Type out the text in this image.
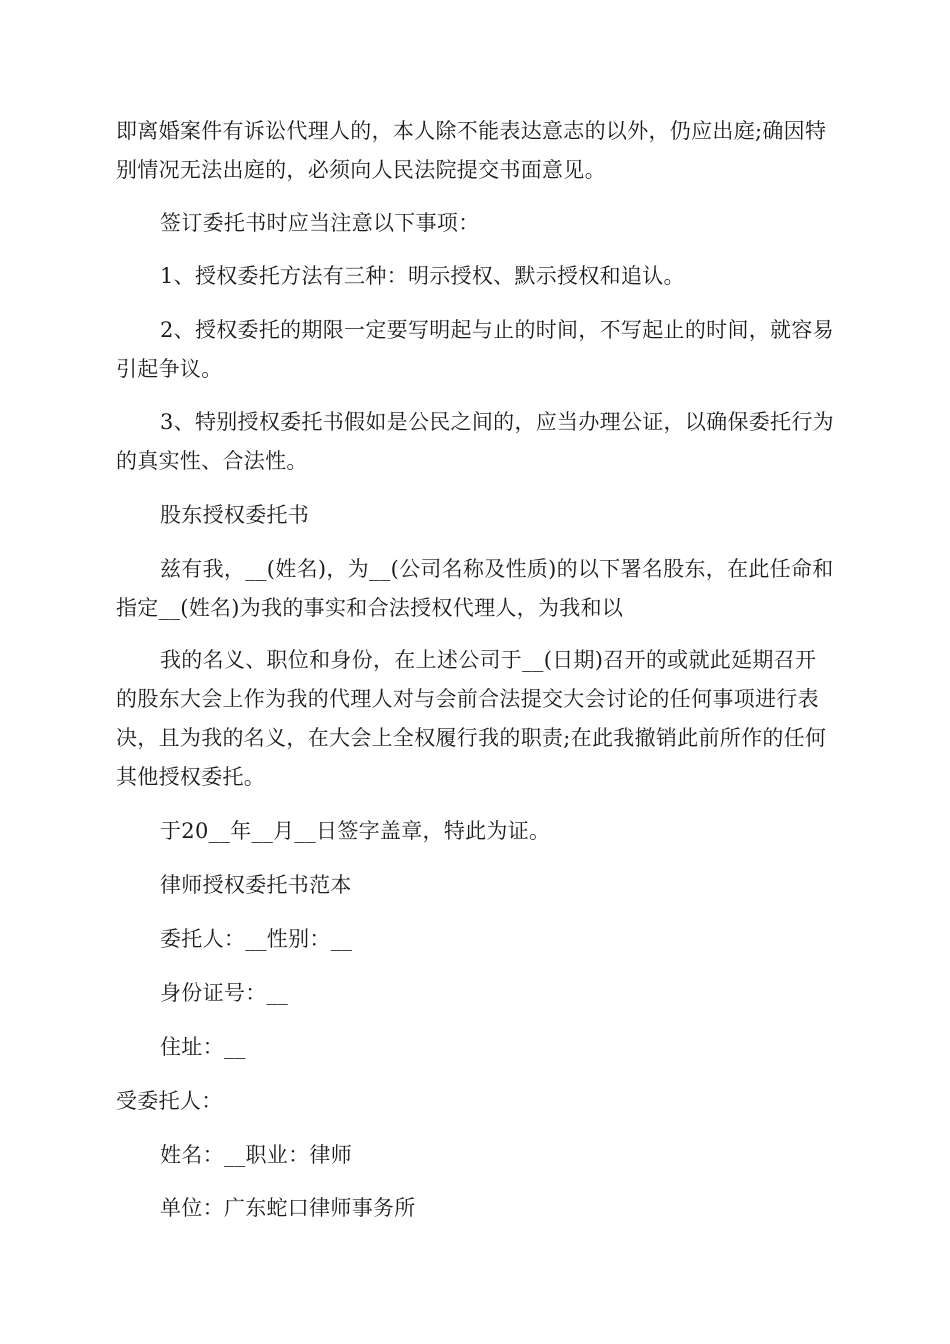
即离婚案件有诉讼代理人的，本人除不能表达意志的以外，仍应出庭;确因特别情况无法出庭的，必须向人民法院提交书面意见。

签订委托书时应当注意以下事项：

1、授权委托方法有三种：明示授权、默示授权和追认。

2、授权委托的期限一定要写明起与止的时间，不写起止的时间，就容易引起争议。

3、特别授权委托书假如是公民之间的，应当办理公证，以确保委托行为的真实性、合法性。

股东授权委托书

兹有我，__(姓名)，为__(公司名称及性质)的以下署名股东，在此任命和指定__(姓名)为我的事实和合法授权代理人，为我和以

我的名义、职位和身份，在上述公司于__(日期)召开的或就此延期召开的股东大会上作为我的代理人对与会前合法提交大会讨论的任何事项进行表决，且为我的名义，在大会上全权履行我的职责;在此我撤销此前所作的任何其他授权委托。

于20__年__月__日签字盖章，特此为证。

律师授权委托书范本

委托人：__性别：__

身份证号：__

住址：__

受委托人：

姓名：__职业：律师

单位：广东蛇口律师事务所
